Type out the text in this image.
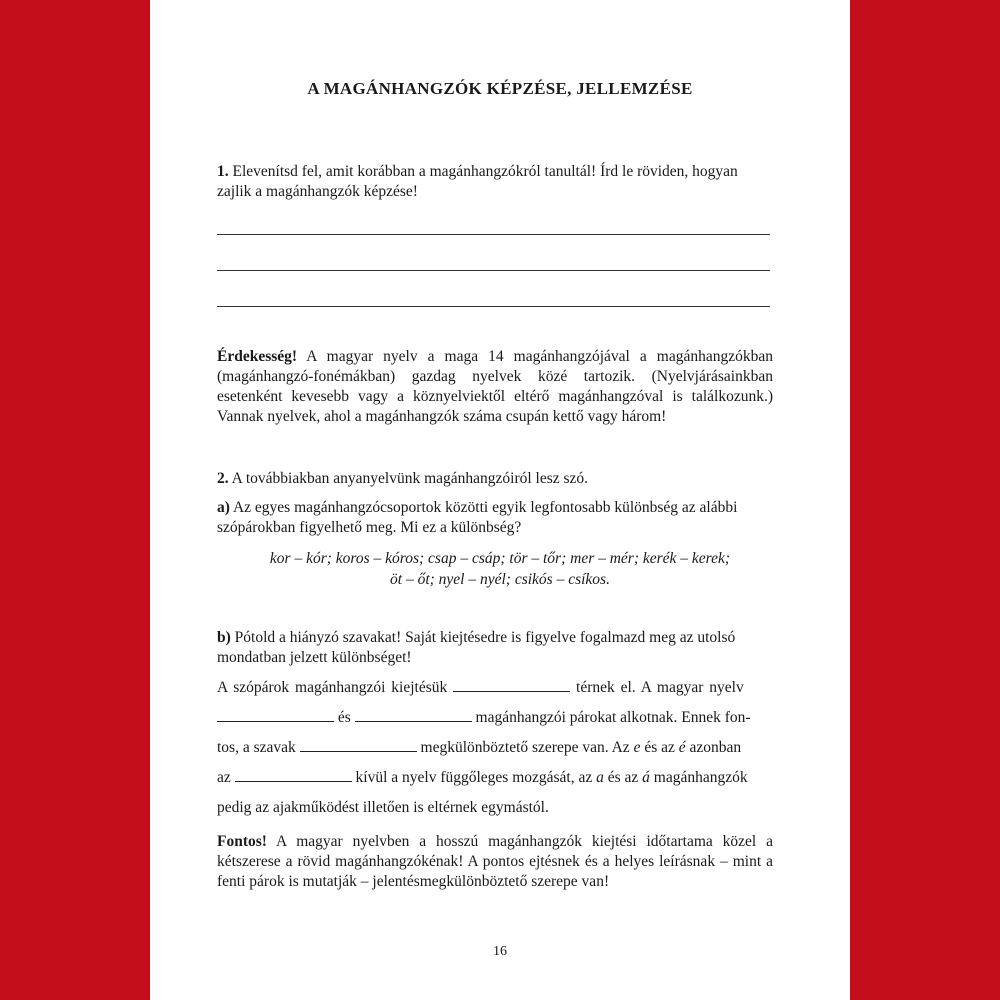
A MAGÁNHANGZÓK KÉPZÉSE, JELLEMZÉSE
1. Elevenítsd fel, amit korábban a magánhangzókról tanultál! Írd le röviden, hogyan zajlik a magánhangzók képzése!
Érdekesség! A magyar nyelv a maga 14 magánhangzójával a magánhangzókban (magánhangzó-fonémákban) gazdag nyelvek közé tartozik. (Nyelvjárásainkban esetenként kevesebb vagy a köznyelviektől eltérő magánhangzóval is találkozunk.) Vannak nyelvek, ahol a magánhangzók száma csupán kettő vagy három!
2. A továbbiakban anyanyelvünk magánhangzóiról lesz szó.
a) Az egyes magánhangzócsoportok közötti egyik legfontosabb különbség az alábbi szópárokban figyelhető meg. Mi ez a különbség?
kor – kór; koros – kóros; csap – csáp; tör – tőr; mer – mér; kerék – kerek;
öt – őt; nyel – nyél; csikós – csíkos.
b) Pótold a hiányzó szavakat! Saját kiejtésedre is figyelve fogalmazd meg az utolsó mondatban jelzett különbséget!
A szópárok magánhangzói kiejtésük	térnek el. A magyar nyelv
és	magánhangzói párokat alkotnak. Ennek fon-
tos, a szavak	megkülönböztető szerepe van. Az e és az é azonban
az	kívül a nyelv függőleges mozgását, az a és az á magánhangzók
pedig az ajakműködést illetően is eltérnek egymástól.
Fontos! A magyar nyelvben a hosszú magánhangzók kiejtési időtartama közel a kétszerese a rövid magánhangzókénak! A pontos ejtésnek és a helyes leírásnak – mint a fenti párok is mutatják – jelentésmegkülönböztető szerepe van!
16
